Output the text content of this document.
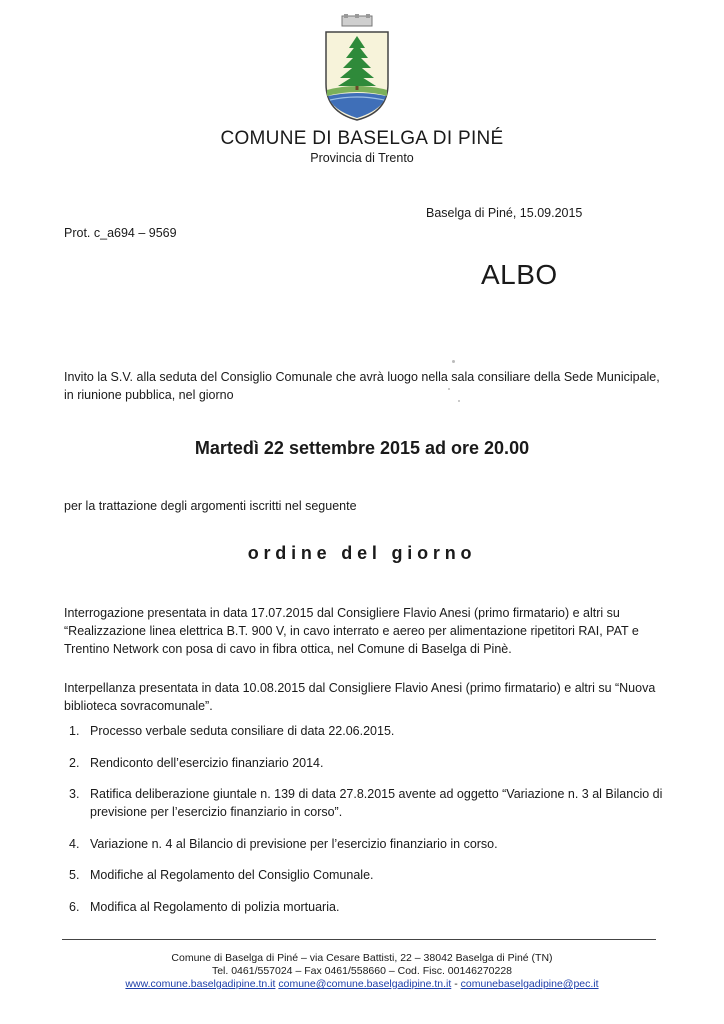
COMUNE DI BASELGA DI PINÉ
Provincia di Trento
Baselga di Piné, 15.09.2015
Prot. c_a694 – 9569
ALBO
Invito la S.V. alla seduta del Consiglio Comunale che avrà luogo nella sala consiliare della Sede Municipale, in riunione pubblica, nel giorno
Martedì 22 settembre 2015 ad ore 20.00
per la trattazione degli argomenti iscritti nel seguente
ordine del giorno
Interrogazione presentata in data 17.07.2015 dal Consigliere Flavio Anesi (primo firmatario) e altri su “Realizzazione linea elettrica B.T. 900 V, in cavo interrato e aereo per alimentazione ripetitori RAI, PAT e Trentino Network con posa di cavo in fibra ottica, nel Comune di Baselga di Pinè.
Interpellanza presentata in data 10.08.2015 dal Consigliere Flavio Anesi (primo firmatario) e altri su “Nuova biblioteca sovracomunale”.
1. Processo verbale seduta consiliare di data 22.06.2015.
2. Rendiconto dell’esercizio finanziario 2014.
3. Ratifica deliberazione giuntale n. 139 di data 27.8.2015 avente ad oggetto “Variazione n. 3 al Bilancio di previsione per l’esercizio finanziario in corso”.
4. Variazione n. 4 al Bilancio di previsione per l’esercizio finanziario in corso.
5. Modifiche al Regolamento del Consiglio Comunale.
6. Modifica al Regolamento di polizia mortuaria.
Comune di Baselga di Piné – via Cesare Battisti, 22 – 38042 Baselga di Piné (TN)
Tel. 0461/557024 – Fax 0461/558660 – Cod. Fisc. 00146270228
www.comune.baselgadipine.tn.it comune@comune.baselgadipine.tn.it - comunebaselgadipine@pec.it
